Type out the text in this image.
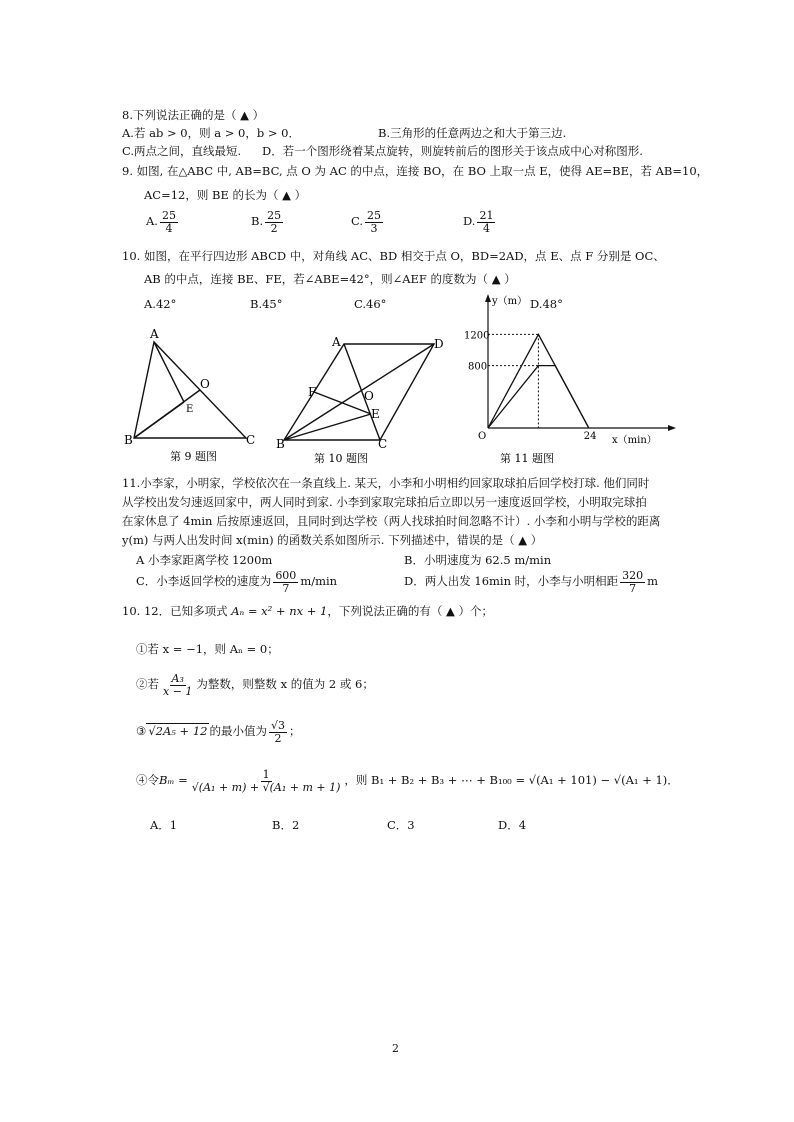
8.下列说法正确的是（ ▲ ）
A.若 ab > 0，则 a > 0，b > 0．	B.三角形的任意两边之和大于第三边.
C.两点之间，直线最短. D．若一个图形绕着某点旋转，则旋转前后的图形关于该点成中心对称图形.
9. 如图, 在△ABC 中, AB=BC, 点 O 为 AC 的中点，连接 BO，在 BO 上取一点 E，使得 AE=BE，若 AB=10，
AC=12，则 BE 的长为（ ▲ ）
A. $\frac{25}{4}$	B. $\frac{25}{2}$	C. $\frac{25}{3}$	D. $\frac{21}{4}$
10. 如图，在平行四边形 ABCD 中，对角线 AC、BD 相交于点 O，BD=2AD，点 E、点 F 分别是 OC、
AB 的中点，连接 BE、FE，若∠ABE=42°，则∠AEF 的度数为（ ▲ ）
A.42°	B.45°	C.46°	D.48°
A
B	C
O
E
第 9 题图
A	D
B	C
O
E
F
第 10 题图
y（m）
x（min）
O
1200
800
24
第 11 题图
11.小李家，小明家，学校依次在一条直线上. 某天，小李和小明相约回家取球拍后回学校打球. 他们同时
从学校出发匀速返回家中，两人同时到家. 小李到家取完球拍后立即以另一速度返回学校，小明取完球拍
在家休息了 4min 后按原速返回，且同时到达学校（两人找球拍时间忽略不计）. 小李和小明与学校的距离
y(m) 与两人出发时间 x(min) 的函数关系如图所示. 下列描述中，错误的是（ ▲ ）
A 小李家距离学校 1200m	B．小明速度为 62.5 m/min
C．小李返回学校的速度为 $\frac{600}{7} m/\min$	D．两人出发 16min 时，小李与小明相距 $\frac{320}{7}$ m
10. 12．已知多项式 Aₙ = x² + nx + 1，下列说法正确的有（ ▲ ）个；
①若 x = −1，则 Aₙ = 0；
②若 $\frac{\text{A₃}}{x - 1}$ 为整数，则整数 x 的值为 2 或 6；
③ √2A₅ + 12 的最小值为 $\frac{√3}{2}$ ；
④令$B_m = \frac{1}{\text{√(A₁ + m) + √(A₁ + m + 1)}}$ ，则 B₁ + B₂ + B₃ + ⋯ + B₁₀₀ = √(A₁ + 101) − √(A₁ + 1)．
A．1	B．2	C．3	D．4
2
